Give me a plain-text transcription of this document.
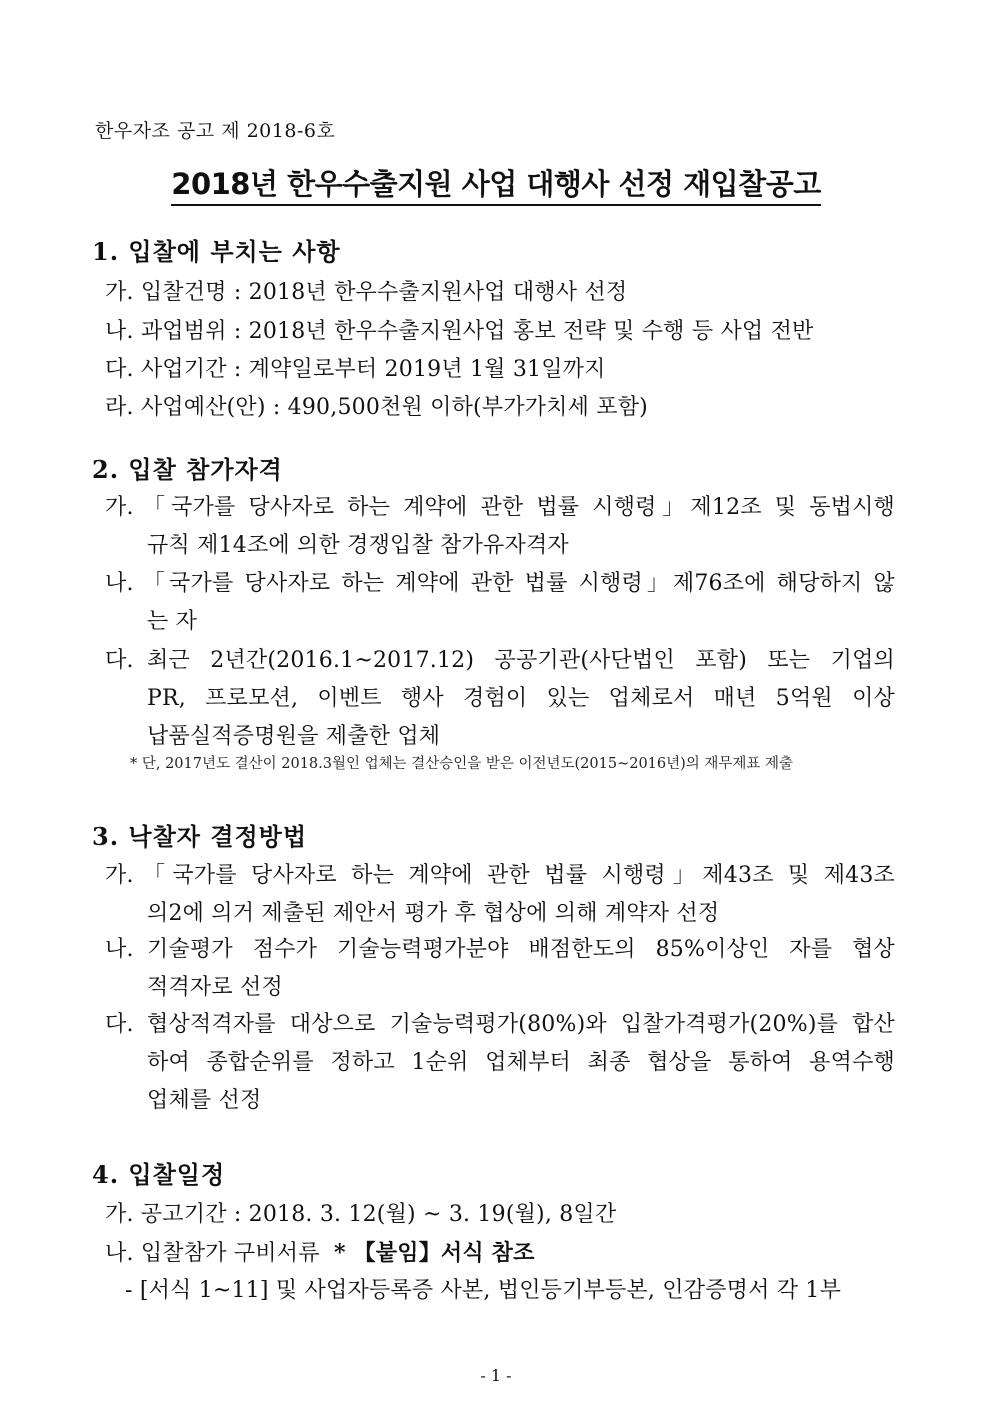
한우자조 공고 제 2018-6호
2018년 한우수출지원 사업 대행사 선정 재입찰공고
1. 입찰에 부치는 사항
가. 입찰건명 : 2018년 한우수출지원사업 대행사 선정
나. 과업범위 : 2018년 한우수출지원사업 홍보 전략 및 수행 등 사업 전반
다. 사업기간 : 계약일로부터 2019년 1월 31일까지
라. 사업예산(안) : 490,500천원 이하(부가가치세 포함)
2. 입찰 참가자격
가. 「국가를 당사자로 하는 계약에 관한 법률 시행령」제12조 및 동법시행
규칙 제14조에 의한 경쟁입찰 참가유자격자
나. 「국가를 당사자로 하는 계약에 관한 법률 시행령」제76조에 해당하지 않
는 자
다. 최근 2년간(2016.1~2017.12) 공공기관(사단법인 포함) 또는 기업의
PR, 프로모션, 이벤트 행사 경험이 있는 업체로서 매년 5억원 이상
납품실적증명원을 제출한 업체
* 단, 2017년도 결산이 2018.3월인 업체는 결산승인을 받은 이전년도(2015~2016년)의 재무제표 제출
3. 낙찰자 결정방법
가. 「국가를 당사자로 하는 계약에 관한 법률 시행령」제43조 및 제43조
의2에 의거 제출된 제안서 평가 후 협상에 의해 계약자 선정
나. 기술평가 점수가 기술능력평가분야 배점한도의 85%이상인 자를 협상
적격자로 선정
다. 협상적격자를 대상으로 기술능력평가(80%)와 입찰가격평가(20%)를 합산
하여 종합순위를 정하고 1순위 업체부터 최종 협상을 통하여 용역수행
업체를 선정
4. 입찰일정
가. 공고기간 : 2018. 3. 12(월) ~ 3. 19(월), 8일간
나. 입찰참가 구비서류 * 【붙임】서식 참조
- [서식 1~11] 및 사업자등록증 사본, 법인등기부등본, 인감증명서 각 1부
- 1 -
